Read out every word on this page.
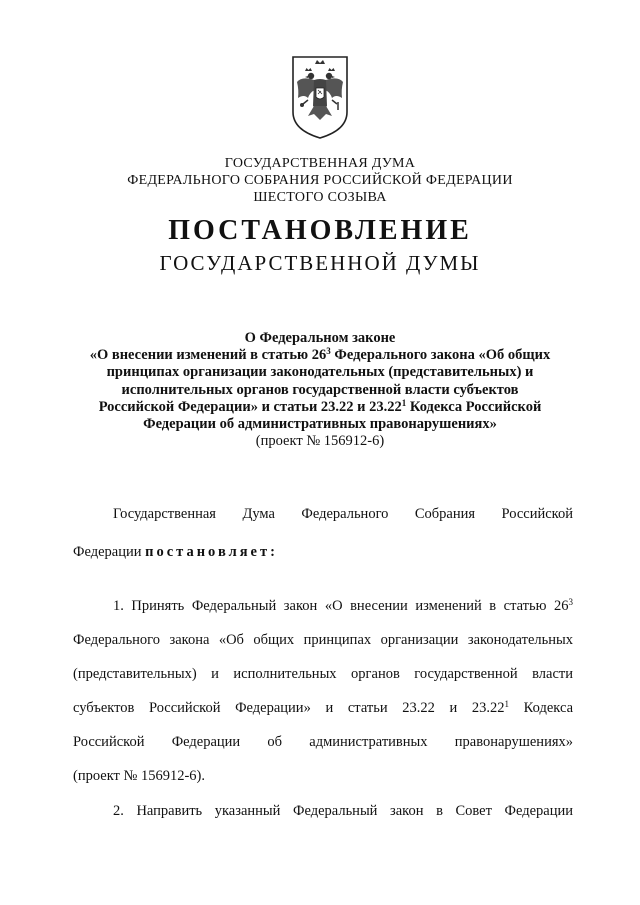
ГОСУДАРСТВЕННАЯ ДУМА
ФЕДЕРАЛЬНОГО СОБРАНИЯ РОССИЙСКОЙ ФЕДЕРАЦИИ
ШЕСТОГО СОЗЫВА
ПОСТАНОВЛЕНИЕ
ГОСУДАРСТВЕННОЙ ДУМЫ
О Федеральном законе
«О внесении изменений в статью $26^3$ Федерального закона «Об общих
принципах организации законодательных (представительных) и
исполнительных органов государственной власти субъектов
Российской Федерации» и статьи 23.22 и 23.22$^1$ Кодекса Российской
Федерации об административных правонарушениях»
(проект № 156912-6)
Государственная Дума Федерального Собрания Российской
Федерации постановляет:
1. Принять Федеральный закон «О внесении изменений в статью $26^3$
Федерального закона «Об общих принципах организации законодательных
(представительных) и исполнительных органов государственной власти
субъектов Российской Федерации» и статьи 23.22 и 23.22$^1$ Кодекса
Российской Федерации об административных правонарушениях»
(проект № 156912-6).
2. Направить указанный Федеральный закон в Совет Федерации
